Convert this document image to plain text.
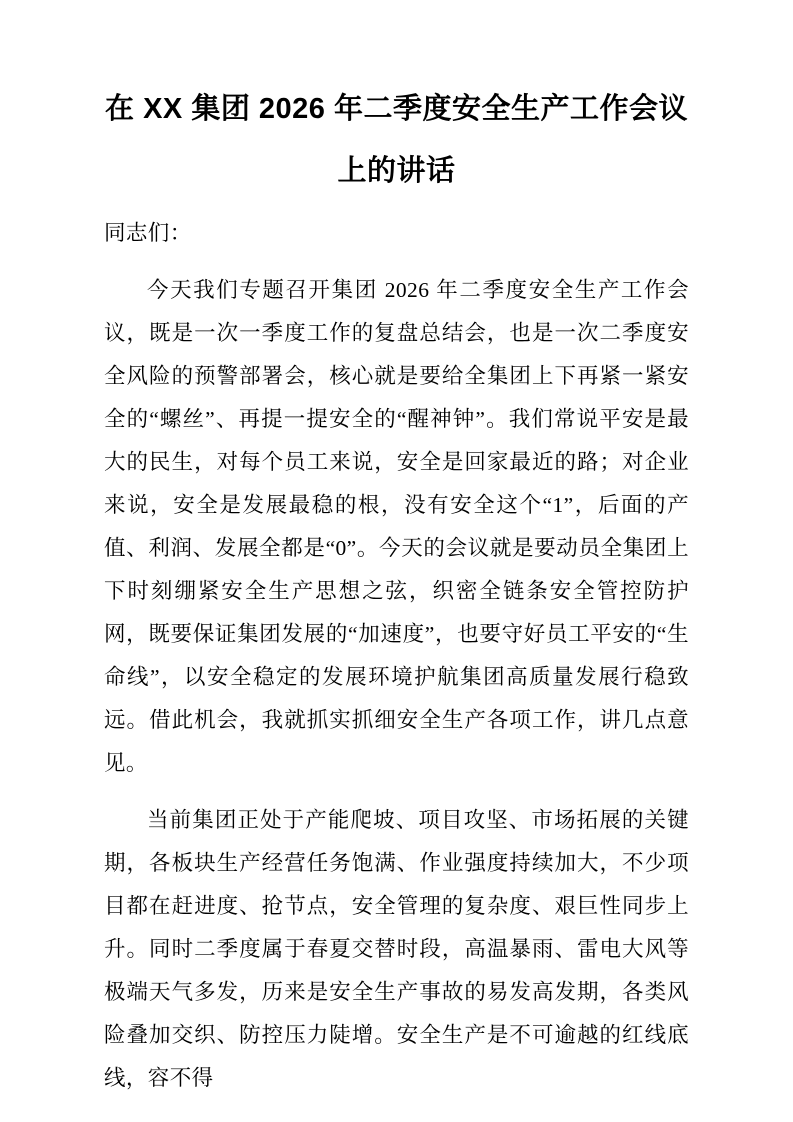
在 XX 集团 2026 年二季度安全生产工作会议
上的讲话

同志们：

今天我们专题召开集团 2026 年二季度安全生产工作会议，既是一次一季度工作的复盘总结会，也是一次二季度安全风险的预警部署会，核心就是要给全集团上下再紧一紧安全的“螺丝”、再提一提安全的“醒神钟”。我们常说平安是最大的民生，对每个员工来说，安全是回家最近的路；对企业来说，安全是发展最稳的根，没有安全这个“1”，后面的产值、利润、发展全都是“0”。今天的会议就是要动员全集团上下时刻绷紧安全生产思想之弦，织密全链条安全管控防护网，既要保证集团发展的“加速度”，也要守好员工平安的“生命线”，以安全稳定的发展环境护航集团高质量发展行稳致远。借此机会，我就抓实抓细安全生产各项工作，讲几点意见。

当前集团正处于产能爬坡、项目攻坚、市场拓展的关键期，各板块生产经营任务饱满、作业强度持续加大，不少项目都在赶进度、抢节点，安全管理的复杂度、艰巨性同步上升。同时二季度属于春夏交替时段，高温暴雨、雷电大风等极端天气多发，历来是安全生产事故的易发高发期，各类风险叠加交织、防控压力陡增。安全生产是不可逾越的红线底线，容不得
